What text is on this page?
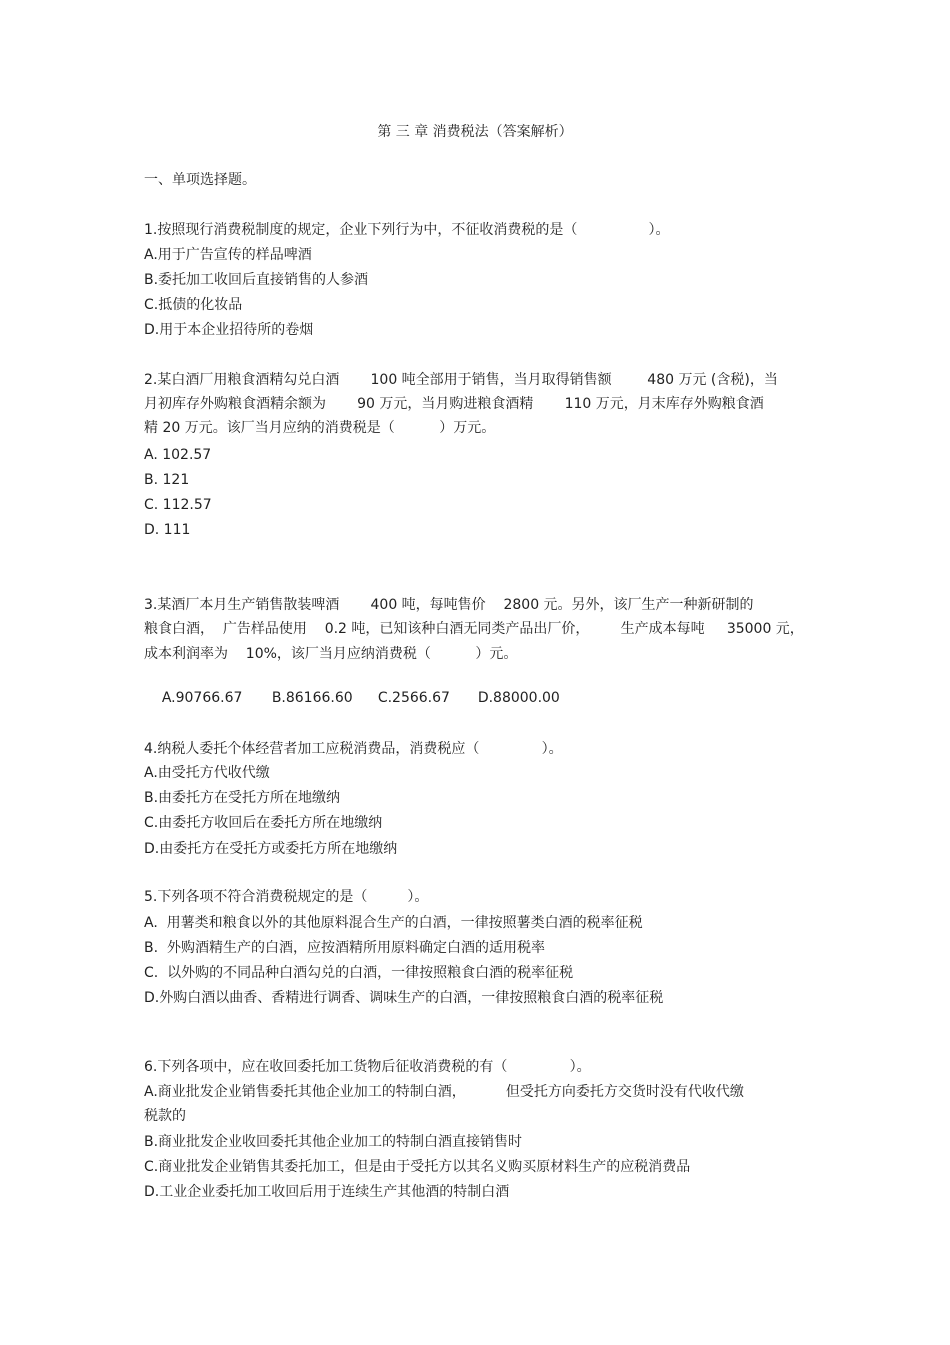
第 三 章 消费税法（答案解析）
一、单项选择题。
1.按照现行消费税制度的规定，企业下列行为中，不征收消费税的是（                ）。
A.用于广告宣传的样品啤酒
B.委托加工收回后直接销售的人参酒
C.抵债的化妆品
D.用于本企业招待所的卷烟
2.某白酒厂用粮食酒精勾兑白酒       100 吨全部用于销售，当月取得销售额        480 万元 (含税)，当
月初库存外购粮食酒精余额为       90 万元，当月购进粮食酒精       110 万元，月末库存外购粮食酒
精 20 万元。该厂当月应纳的消费税是（          ）万元。
A. 102.57
B. 121
C. 112.57
D. 111
3.某酒厂本月生产销售散装啤酒       400 吨，每吨售价    2800 元。另外，该厂生产一种新研制的
粮食白酒，  广告样品使用    0.2 吨，已知该种白酒无同类产品出厂价，       生产成本每吨     35000 元，
成本利润率为    10%，该厂当月应纳消费税（          ）元。

A.90766.67 B.86166.60 C.2566.67 D.88000.00

4.纳税人委托个体经营者加工应税消费品，消费税应（              ）。
A.由受托方代收代缴
B.由委托方在受托方所在地缴纳
C.由委托方收回后在委托方所在地缴纳
D.由委托方在受托方或委托方所在地缴纳
5.下列各项不符合消费税规定的是（         ）。
A.  用薯类和粮食以外的其他原料混合生产的白酒，一律按照薯类白酒的税率征税
B.  外购酒精生产的白酒，应按酒精所用原料确定白酒的适用税率
C.  以外购的不同品种白酒勾兑的白酒，一律按照粮食白酒的税率征税
D.外购白酒以曲香、香精进行调香、调味生产的白酒，一律按照粮食白酒的税率征税
6.下列各项中，应在收回委托加工货物后征收消费税的有（              ）。
A.商业批发企业销售委托其他企业加工的特制白酒，         但受托方向委托方交货时没有代收代缴
税款的
B.商业批发企业收回委托其他企业加工的特制白酒直接销售时
C.商业批发企业销售其委托加工，但是由于受托方以其名义购买原材料生产的应税消费品
D.工业企业委托加工收回后用于连续生产其他酒的特制白酒
